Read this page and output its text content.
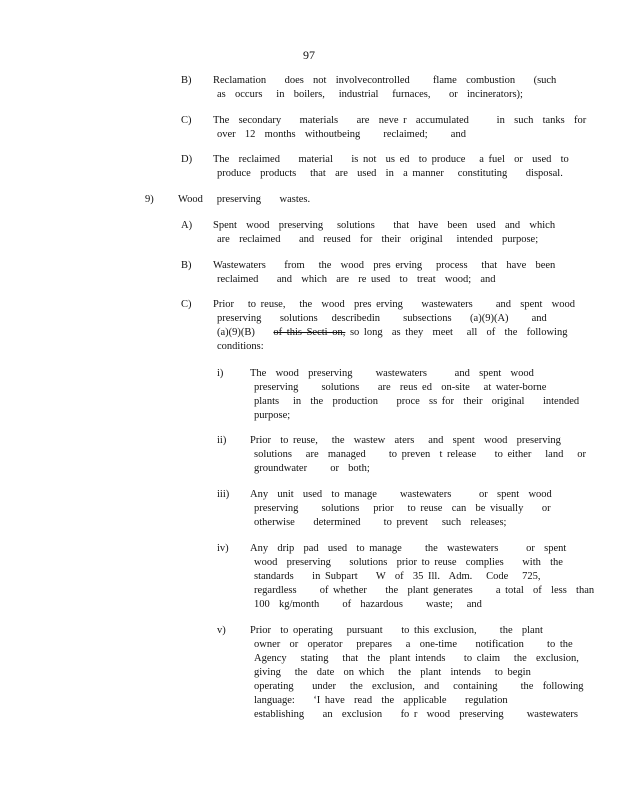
97
B) Reclamation    does  not  involvecontrolled     flame  combustion    (such
as  occurs   in  boilers,   industrial   furnaces,    or  incinerators);
C) The  secondary    materials    are  neve r  accumulated      in  such  tanks  for
over  12  months  withoutbeing     reclaimed;     and
D) The  reclaimed    material    is not  us ed  to produce   a fuel  or  used  to
produce  products   that  are  used  in  a manner   constituting    disposal.
9) Wood   preserving    wastes.
A) Spent  wood  preserving   solutions    that  have  been  used  and  which
are  reclaimed    and  reused  for  their  original   intended  purpose;
B) Wastewaters    from   the  wood  pres erving   process   that  have  been
reclaimed    and  which  are  re used  to  treat  wood;  and
C) Prior   to reuse,   the  wood  pres erving    wastewaters     and  spent  wood
preserving    solutions   describedin     subsections    (a)(9)(A)     and
(a)(9)(B)    of this Secti on, so long  as they  meet   all  of  the  following
conditions:
i)	The  wood  preserving     wastewaters      and  spent  wood
preserving     solutions    are  reus ed  on-site   at water-borne
plants   in  the  production    proce  ss for  their  original    intended
purpose;
ii) Prior  to reuse,   the  wastew  aters   and  spent  wood  preserving
solutions   are  managed     to preven  t release    to either   land   or
groundwater     or  both;
iii) Any  unit  used  to manage     wastewaters      or  spent  wood
preserving     solutions   prior   to reuse  can  be visually    or
otherwise    determined     to prevent   such  releases;
iv) Any  drip  pad  used  to manage     the  wastewaters      or  spent
wood  preserving    solutions  prior to reuse  complies    with  the
standards    in Subpart    W  of  35 Ill.  Adm.   Code   725,
regardless     of whether    the  plant generates     a total  of  less  than
100  kg/month     of  hazardous     waste;   and
v) Prior  to operating   pursuant    to this exclusion,     the  plant
owner  or  operator   prepares   a  one-time    notification     to the
Agency   stating   that  the  plant intends    to claim   the  exclusion,
giving   the  date  on which   the  plant  intends   to begin
operating    under   the  exclusion,  and   containing     the  following
language:    ‘I have  read  the  applicable    regulation
establishing    an  exclusion    fo r  wood  preserving     wastewaters
